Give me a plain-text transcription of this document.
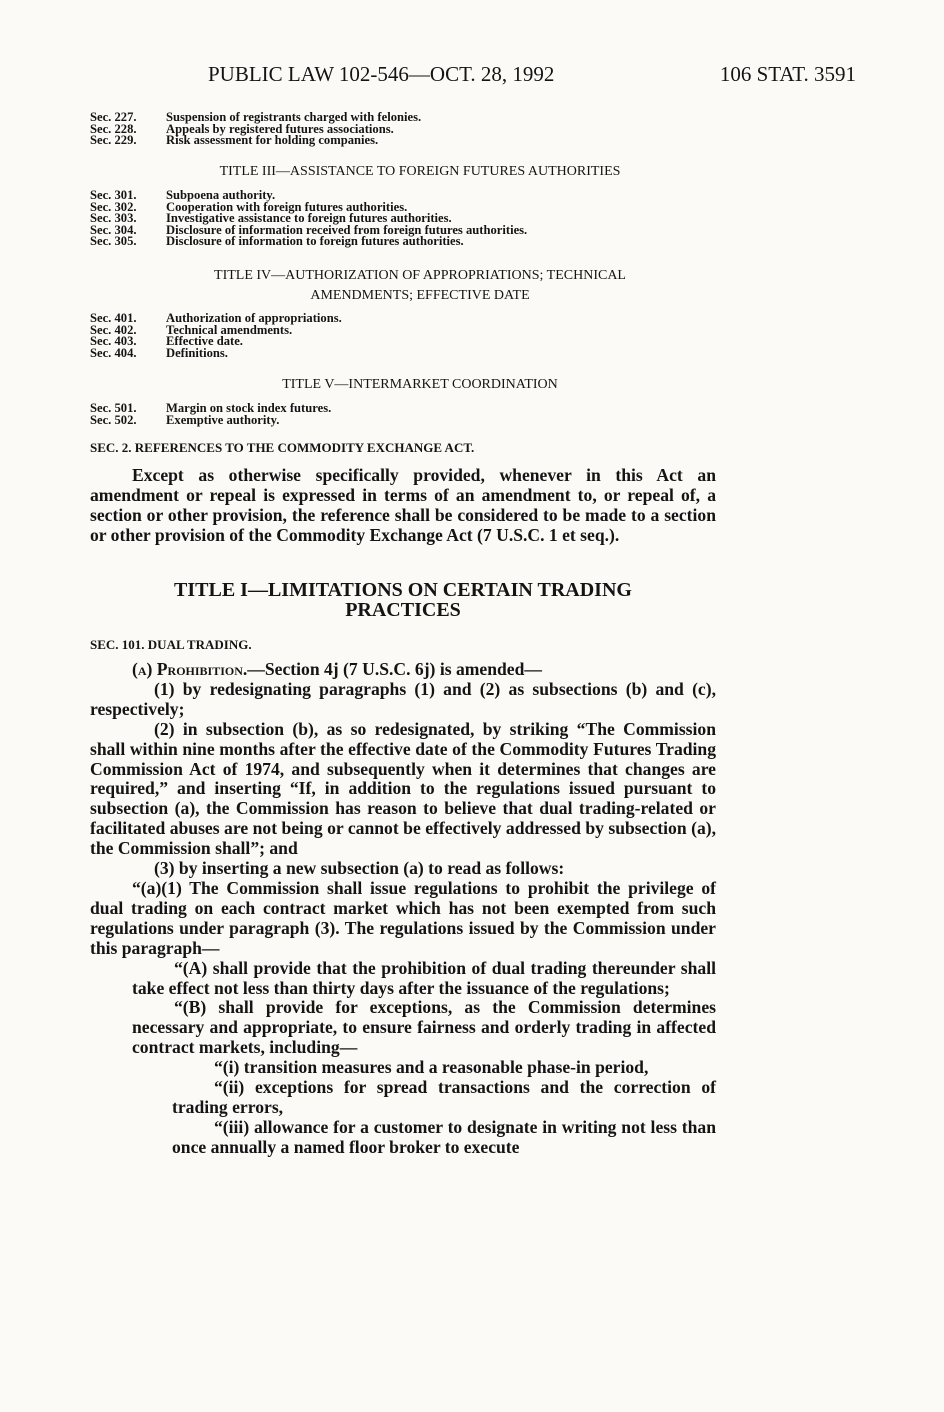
PUBLIC LAW 102-546—OCT. 28, 1992	106 STAT. 3591
Sec. 227. Suspension of registrants charged with felonies.
Sec. 228. Appeals by registered futures associations.
Sec. 229. Risk assessment for holding companies.
TITLE III—ASSISTANCE TO FOREIGN FUTURES AUTHORITIES
Sec. 301. Subpoena authority.
Sec. 302. Cooperation with foreign futures authorities.
Sec. 303. Investigative assistance to foreign futures authorities.
Sec. 304. Disclosure of information received from foreign futures authorities.
Sec. 305. Disclosure of information to foreign futures authorities.
TITLE IV—AUTHORIZATION OF APPROPRIATIONS; TECHNICAL
AMENDMENTS; EFFECTIVE DATE
Sec. 401. Authorization of appropriations.
Sec. 402. Technical amendments.
Sec. 403. Effective date.
Sec. 404. Definitions.
TITLE V—INTERMARKET COORDINATION
Sec. 501. Margin on stock index futures.
Sec. 502. Exemptive authority.
SEC. 2. REFERENCES TO THE COMMODITY EXCHANGE ACT.

Except as otherwise specifically provided, whenever in this Act an amendment or repeal is expressed in terms of an amendment to, or repeal of, a section or other provision, the reference shall be considered to be made to a section or other provision of the Commodity Exchange Act (7 U.S.C. 1 et seq.).

TITLE I—LIMITATIONS ON CERTAIN TRADING
PRACTICES
SEC. 101. DUAL TRADING.

(a) Prohibition.—Section 4j (7 U.S.C. 6j) is amended—

(1) by redesignating paragraphs (1) and (2) as subsections (b) and (c), respectively;

(2) in subsection (b), as so redesignated, by striking “The Commission shall within nine months after the effective date of the Commodity Futures Trading Commission Act of 1974, and subsequently when it determines that changes are required,” and inserting “If, in addition to the regulations issued pursuant to subsection (a), the Commission has reason to believe that dual trading-related or facilitated abuses are not being or cannot be effectively addressed by subsection (a), the Commission shall”; and

(3) by inserting a new subsection (a) to read as follows:

“(a)(1) The Commission shall issue regulations to prohibit the privilege of dual trading on each contract market which has not been exempted from such regulations under paragraph (3). The regulations issued by the Commission under this paragraph—

“(A) shall provide that the prohibition of dual trading thereunder shall take effect not less than thirty days after the issuance of the regulations;

“(B) shall provide for exceptions, as the Commission determines necessary and appropriate, to ensure fairness and orderly trading in affected contract markets, including—

“(i) transition measures and a reasonable phase-in period,

“(ii) exceptions for spread transactions and the correction of trading errors,

“(iii) allowance for a customer to designate in writing not less than once annually a named floor broker to execute
